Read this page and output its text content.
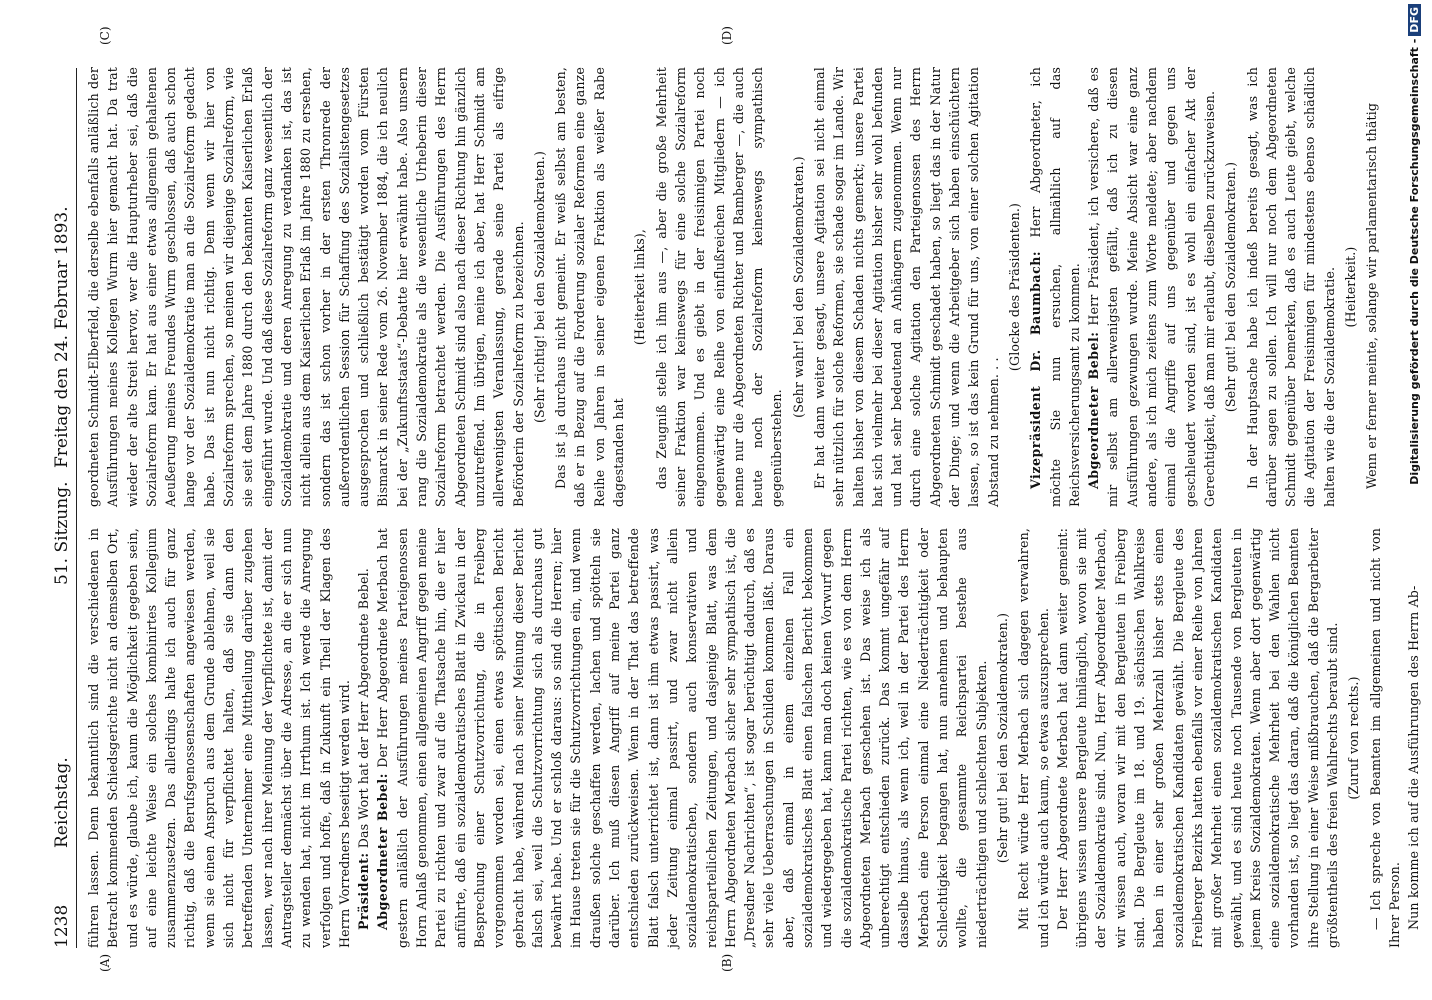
1238
Reichstag.
51. Sitzung.
Freitag den 24. Februar 1893.
(A)	(B)
(C)	(D)

führen lassen. Denn bekanntlich sind die verschiedenen in Betracht kommenden Schiedsgerichte nicht an demselben Ort, und es würde, glaube ich, kaum die Möglichkeit gegeben sein, auf eine leichte Weise ein solches kombinirtes Kollegium zusammenzusetzen. Das allerdings halte ich auch für ganz richtig, daß die Berufsgenossenschaften angewiesen werden, wenn sie einen Anspruch aus dem Grunde ablehnen, weil sie sich nicht für verpflichtet halten, daß sie dann den betreffenden Unternehmer eine Mittheilung darüber zugehen lassen, wer nach ihrer Meinung der Verpflichtete ist, damit der Antragsteller demnächst über die Adresse, an die er sich nun zu wenden hat, nicht im Irrthum ist. Ich werde die Anregung verfolgen und hoffe, daß in Zukunft ein Theil der Klagen des Herrn Vorredners beseitigt werden wird. Präsident: Das Wort hat der Herr Abgeordnete Bebel.

Abgeordneter Bebel: Der Herr Abgeordnete Merbach hat gestern anläßlich der Ausführungen meines Parteigenossen Horn Anlaß genommen, einen allgemeinen Angriff gegen meine Partei zu richten und zwar auf die Thatsache hin, die er hier anführte, daß ein sozialdemokratisches Blatt in Zwickau in der Besprechung einer Schutzvorrichtung, die in Freiberg vorgenommen worden sei, einen etwas spöttischen Bericht gebracht habe, während nach seiner Meinung dieser Bericht falsch sei, weil die Schutzvorrichtung sich als durchaus gut bewährt habe. Und er schloß daraus: so sind die Herren; hier im Hause treten sie für die Schutzvorrichtungen ein, und wenn draußen solche geschaffen werden, lachen und spötteln sie darüber. Ich muß diesen Angriff auf meine Partei ganz entschieden zurückweisen. Wenn in der That das betreffende Blatt falsch unterrichtet ist, dann ist ihm etwas passirt, was jeder Zeitung einmal passirt, und zwar nicht allein sozialdemokratischen, sondern auch konservativen und reichsparteilichen Zeitungen, und dasjenige Blatt, was dem Herrn Abgeordneten Merbach sicher sehr sympathisch ist, die „Dresdner Nachrichten“, ist sogar berüchtigt dadurch, daß es sehr viele Ueberraschungen in Schilden kommen läßt. Daraus aber, daß einmal in einem einzelnen Fall ein sozialdemokratisches Blatt einen falschen Bericht bekommen und wiedergegeben hat, kann man doch keinen Vorwurf gegen die sozialdemokratische Partei richten, wie es von dem Herrn Abgeordneten Merbach geschehen ist. Das weise ich als unberechtigt entschieden zurück. Das kommt ungefähr auf dasselbe hinaus, als wenn ich, weil in der Partei des Herrn Merbach eine Person einmal eine Niederträchtigkeit oder Schlechtigkeit begangen hat, nun annehmen und behaupten wollte, die gesammte Reichspartei bestehe aus niederträchtigen und schlechten Subjekten. (Sehr gut! bei den Sozialdemokraten.) Mit Recht würde Herr Merbach sich dagegen verwahren, und ich würde auch kaum, so etwas auszusprechen. Der Herr Abgeordnete Merbach hat dann weiter gemeint: übrigens wissen unsere Bergleute hinlänglich, wovon sie mit der Sozialdemokratie sind. Nun, Herr Abgeordneter Merbach, wir wissen auch, woran wir mit den Bergleuten in Freiberg sind. Die Bergleute im 18. und 19. sächsischen Wahlkreise haben in einer sehr großen Mehrzahl bisher stets einen sozialdemokratischen Kandidaten gewählt. Die Bergleute des Freiberger Bezirks hatten ebenfalls vor einer Reihe von Jahren mit großer Mehrheit einen sozialdemokratischen Kandidaten gewählt, und es sind heute noch Tausende von Bergleuten in jenem Kreise Sozialdemokraten. Wenn aber dort gegenwärtig eine sozialdemokratische Mehrheit bei den Wahlen nicht vorhanden ist, so liegt das daran, daß die königlichen Beamten ihre Stellung in einer Weise mißbrauchen, daß die Bergarbeiter größtentheils des freien Wahlrechts beraubt sind. (Zuruf von rechts.) — Ich spreche von Beamten im allgemeinen und nicht von Ihrer Person. Nun komme ich auf die Ausführungen des Herrn Ab-

geordneten Schmidt-Elberfeld, die derselbe ebenfalls anläßlich der Ausführungen meines Kollegen Wurm hier gemacht hat. Da trat wieder der alte Streit hervor, wer die Haupturheber sei, daß die Sozialreform kam. Er hat aus einer etwas allgemein gehaltenen Aeußerung meines Freundes Wurm geschlossen, daß auch schon lange vor der Sozialdemokratie man an die Sozialreform gedacht habe. Das ist nun nicht richtig. Denn wenn wir hier von Sozialreform sprechen, so meinen wir diejenige Sozialreform, wie sie seit dem Jahre 1880 durch den bekannten Kaiserlichen Erlaß eingeführt wurde. Und daß diese Sozialreform ganz wesentlich der Sozialdemokratie und deren Anregung zu verdanken ist, das ist nicht allein aus dem Kaiserlichen Erlaß im Jahre 1880 zu ersehen, sondern das ist schon vorher in der ersten Thronrede der außerordentlichen Session für Schaffung des Sozialistengesetzes ausgesprochen und schließlich bestätigt worden vom Fürsten Bismarck in seiner Rede vom 26. November 1884, die ich neulich bei der „Zukunftsstaats“-Debatte hier erwähnt habe. Also unsern rang die Sozialdemokratie als die wesentliche Urheberin dieser Sozialreform betrachtet werden. Die Ausführungen des Herrn Abgeordneten Schmidt sind also nach dieser Richtung hin gänzlich unzutreffend. Im übrigen, meine ich aber, hat Herr Schmidt am allerwenigsten Veranlassung, gerade seine Partei als eifrige Beförderin der Sozialreform zu bezeichnen. (Sehr richtig! bei den Sozialdemokraten.) Das ist ja durchaus nicht gemeint. Er weiß selbst am besten, daß er in Bezug auf die Forderung sozialer Reformen eine ganze Reihe von Jahren in seiner eigenen Fraktion als weißer Rabe dagestanden hat

(Heiterkeit links), das Zeugniß stelle ich ihm aus —, aber die große Mehrheit seiner Fraktion war keineswegs für eine solche Sozialreform eingenommen. Und es giebt in der freisinnigen Partei noch gegenwärtig eine Reihe von einflußreichen Mitgliedern — ich nenne nur die Abgeordneten Richter und Bamberger —, die auch heute noch der Sozialreform keineswegs sympathisch gegenüberstehen.

(Sehr wahr! bei den Sozialdemokraten.) Er hat dann weiter gesagt, unsere Agitation sei nicht einmal sehr nützlich für solche Reformen, sie schade sogar im Lande. Wir halten bisher von diesem Schaden nichts gemerkt; unsere Partei hat sich vielmehr bei dieser Agitation bisher sehr wohl befunden und hat sehr bedeutend an Anhängern zugenommen. Wenn nur durch eine solche Agitation den Parteigenossen des Herrn Abgeordneten Schmidt geschadet haben, so liegt das in der Natur der Dinge; und wenn die Arbeitgeber sich haben einschüchtern lassen, so ist das kein Grund für uns, von einer solchen Agitation Abstand zu nehmen. . .

(Glocke des Präsidenten.) Vizepräsident Dr. Baumbach: Herr Abgeordneter, ich möchte Sie nun ersuchen, allmählich auf das Reichsversicherungsamt zu kommen. Abgeordneter Bebel: Herr Präsident, ich versichere, daß es mir selbst am allerwenigsten gefällt, daß ich zu diesen Ausführungen gezwungen wurde. Meine Absicht war eine ganz andere, als ich mich zeitens zum Worte meldete; aber nachdem einmal die Angriffe auf uns gegenüber und gegen uns geschleudert worden sind, ist es wohl ein einfacher Akt der Gerechtigkeit, daß man mir erlaubt, dieselben zurückzuweisen. (Sehr gut! bei den Sozialdemokraten.) In der Hauptsache habe ich indeß bereits gesagt, was ich darüber sagen zu sollen. Ich will nur noch dem Abgeordneten Schmidt gegenüber bemerken, daß es auch Leute giebt, welche die Agitation der Freisinnigen für mindestens ebenso schädlich halten wie die der Sozialdemokratie. (Heiterkeit.) Wenn er ferner meinte, solange wir parlamentarisch thätig	Digitalisierung gefördert durch die Deutsche Forschungsgemeinschaft -DFG
